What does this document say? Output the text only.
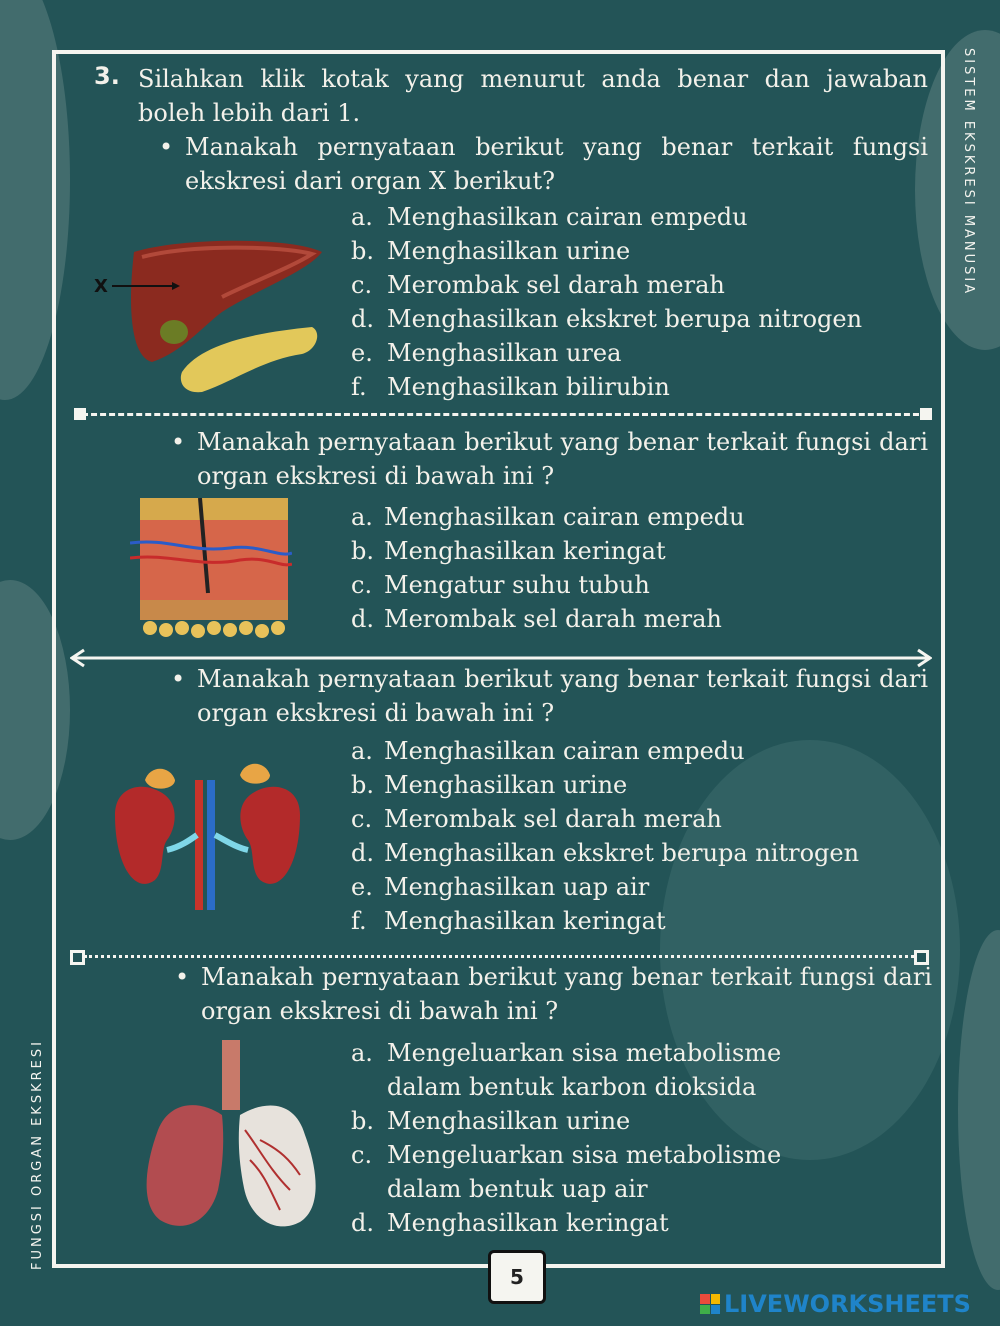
SISTEM EKSKRESI MANUSIA
FUNGSI ORGAN EKSKRESI
3. Silahkan klik kotak yang menurut anda benar dan jawaban boleh lebih dari 1.
• Manakah pernyataan berikut yang benar terkait fungsi ekskresi dari organ X berikut?
X
a. Menghasilkan cairan empedu
b. Menghasilkan urine
c. Merombak sel darah merah
d. Menghasilkan ekskret berupa nitrogen
e. Menghasilkan urea
f. Menghasilkan bilirubin
• Manakah pernyataan berikut yang benar terkait fungsi dari organ ekskresi di bawah ini ?
a. Menghasilkan cairan empedu
b. Menghasilkan keringat
c. Mengatur suhu tubuh
d. Merombak sel darah merah
• Manakah pernyataan berikut yang benar terkait fungsi dari organ ekskresi di bawah ini ?
a. Menghasilkan cairan empedu
b. Menghasilkan urine
c. Merombak sel darah merah
d. Menghasilkan ekskret berupa nitrogen
e. Menghasilkan uap air
f. Menghasilkan keringat
• Manakah pernyataan berikut yang benar terkait fungsi dari organ ekskresi di bawah ini ?
a. Mengeluarkan sisa metabolisme dalam bentuk karbon dioksida
b. Menghasilkan urine
c. Mengeluarkan sisa metabolisme dalam bentuk uap air
d. Menghasilkan keringat
5
LIVEWORKSHEETS
